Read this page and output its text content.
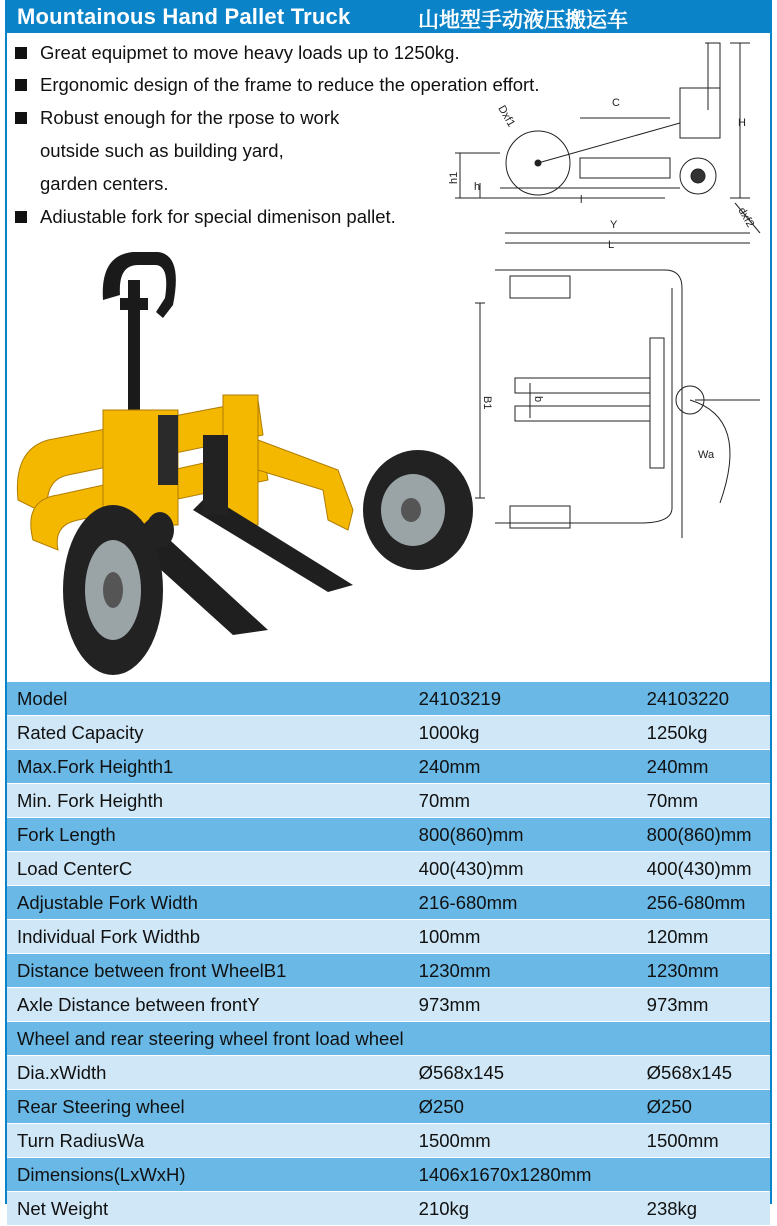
Mountainous Hand Pallet Truck	山地型手动液压搬运车
Great equipmet to move heavy loads up to 1250kg.
Ergonomic design of the frame to reduce the operation effort.
Robust enough for the rpose to work
outside such as building yard,
garden centers.
Adiustable fork for special dimenison pallet.
C
H
Dxf1
h1
h
l
Y
L
dxf2
B1	b
Wa
Model	24103219	24103220
Rated Capacity	1000kg	1250kg
Max.Fork Heighth1	240mm	240mm
Min. Fork Heighth	70mm	70mm
Fork Length	800(860)mm	800(860)mm
Load CenterC	400(430)mm	400(430)mm
Adjustable Fork Width	216-680mm	256-680mm
Individual Fork Widthb	100mm	120mm
Distance between front WheelB1	1230mm	1230mm
Axle Distance between frontY	973mm	973mm
Wheel and rear steering wheel front load wheel		
Dia.xWidth	Ø568x145	Ø568x145
Rear Steering wheel	Ø250	Ø250
Turn RadiusWa	1500mm	1500mm
Dimensions(LxWxH)	1406x1670x1280mm	
Net Weight	210kg	238kg
